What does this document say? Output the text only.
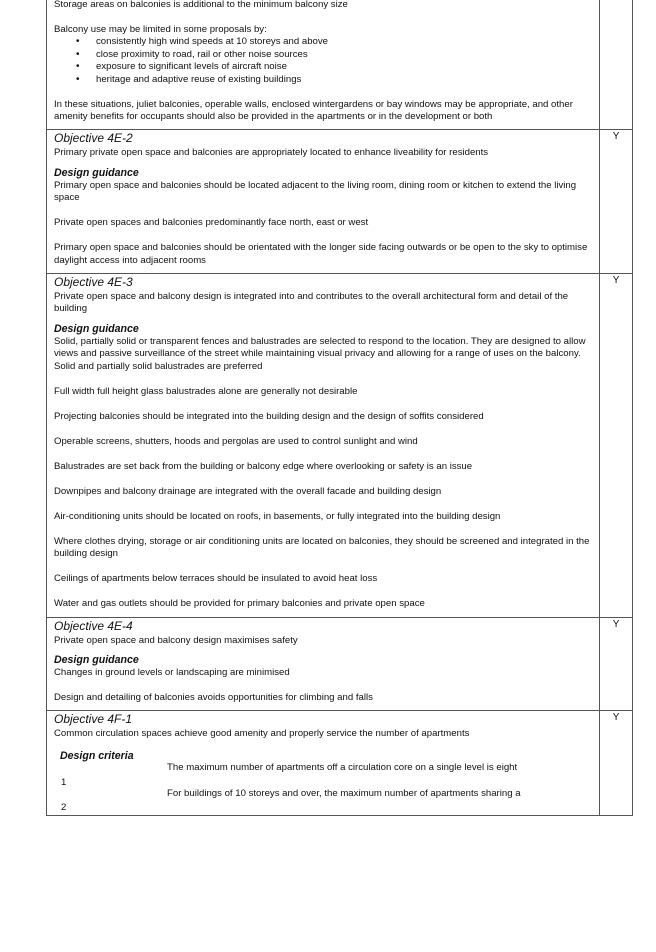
Storage areas on balconies is additional to the minimum balcony size
Balcony use may be limited in some proposals by:
• consistently high wind speeds at 10 storeys and above
• close proximity to road, rail or other noise sources
• exposure to significant levels of aircraft noise
• heritage and adaptive reuse of existing buildings
In these situations, juliet balconies, operable walls, enclosed wintergardens or bay windows may be appropriate, and other amenity benefits for occupants should also be provided in the apartments or in the development or both
Objective 4E-2
Primary private open space and balconies are appropriately located to enhance liveability for residents
Design guidance
Primary open space and balconies should be located adjacent to the living room, dining room or kitchen to extend the living space
Private open spaces and balconies predominantly face north, east or west
Primary open space and balconies should be orientated with the longer side facing outwards or be open to the sky to optimise daylight access into adjacent rooms
Y
Objective 4E-3
Private open space and balcony design is integrated into and contributes to the overall architectural form and detail of the building
Design guidance
Solid, partially solid or transparent fences and balustrades are selected to respond to the location. They are designed to allow views and passive surveillance of the street while maintaining visual privacy and allowing for a range of uses on the balcony. Solid and partially solid balustrades are preferred
Full width full height glass balustrades alone are generally not desirable
Projecting balconies should be integrated into the building design and the design of soffits considered
Operable screens, shutters, hoods and pergolas are used to control sunlight and wind
Balustrades are set back from the building or balcony edge where overlooking or safety is an issue
Downpipes and balcony drainage are integrated with the overall facade and building design
Air-conditioning units should be located on roofs, in basements, or fully integrated into the building design
Where clothes drying, storage or air conditioning units are located on balconies, they should be screened and integrated in the building design
Ceilings of apartments below terraces should be insulated to avoid heat loss
Water and gas outlets should be provided for primary balconies and private open space
Y
Objective 4E-4
Private open space and balcony design maximises safety
Design guidance
Changes in ground levels or landscaping are minimised
Design and detailing of balconies avoids opportunities for climbing and falls
Y
Objective 4F-1
Common circulation spaces achieve good amenity and properly service the number of apartments
Design criteria
1
The maximum number of apartments off a circulation core on a single level is eight
2
For buildings of 10 storeys and over, the maximum number of apartments sharing a
Y
